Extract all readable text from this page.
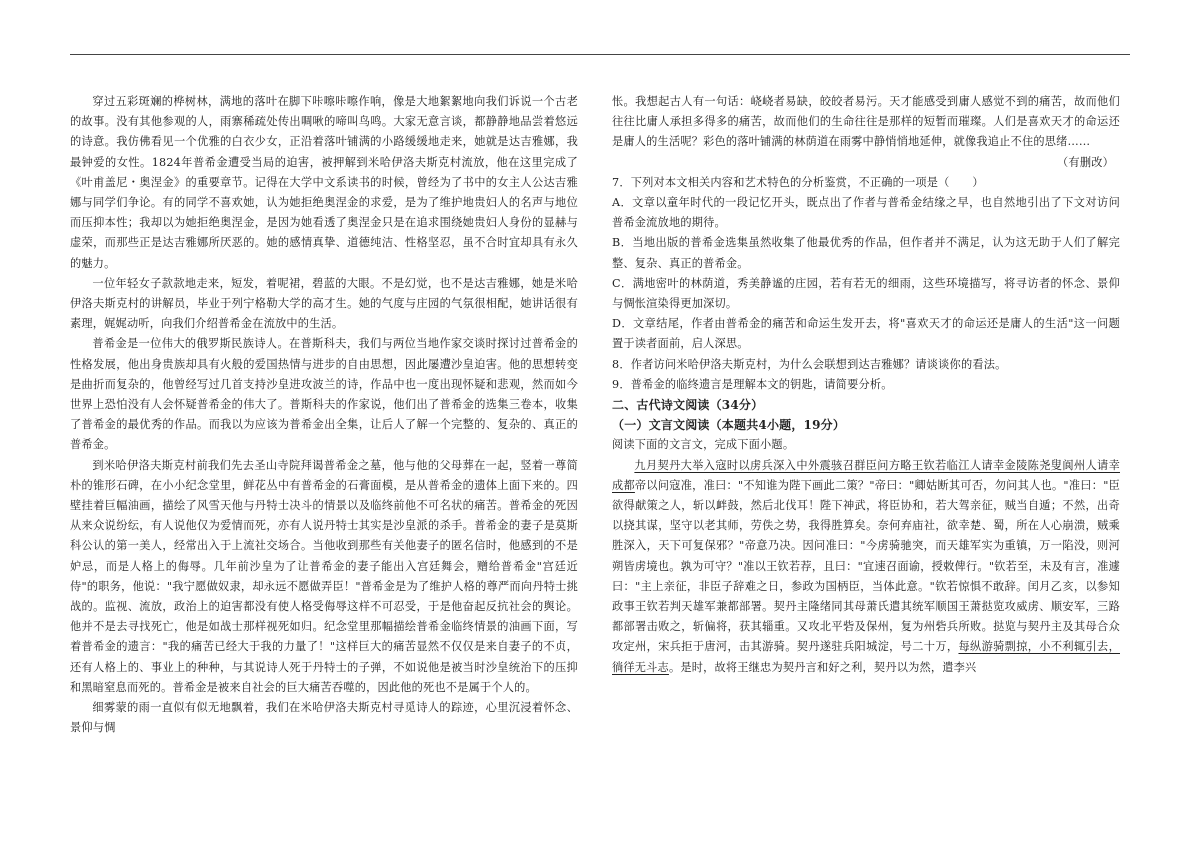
穿过五彩斑斓的桦树林，满地的落叶在脚下咔嚓咔嚓作响，像是大地絮絮地向我们诉说一个古老的故事。没有其他参观的人，雨寨稀疏处传出啁啾的啼叫鸟鸣。大家无意言谈，都静静地品尝着悠远的诗意。我仿佛看见一个优雅的白衣少女，正沿着落叶铺满的小路缓缓地走来，她就是达吉雅娜，我最钟爱的女性。1824年普希金遭受当局的迫害，被押解到米哈伊洛夫斯克村流放，他在这里完成了《叶甫盖尼・奥涅金》的重要章节。记得在大学中文系读书的时候，曾经为了书中的女主人公达吉雅娜与同学们争论。有的同学不喜欢她，认为她拒绝奥涅金的求爱，是为了维护地贵妇人的名声与地位而压抑本性；我却以为她拒绝奥涅金，是因为她看透了奥涅金只是在追求围绕她贵妇人身份的显赫与虚荣，而那些正是达吉雅娜所厌恶的。她的感情真挚、道德纯洁、性格坚忍，虽不合时宜却具有永久的魅力。

一位年轻女子款款地走来，短发，着呢裙，碧蓝的大眼。不是幻觉，也不是达吉雅娜，她是米哈伊洛夫斯克村的讲解员，毕业于列宁格勒大学的高才生。她的气度与庄园的气氛很相配，她讲话很有素理，娓娓动听，向我们介绍普希金在流放中的生活。

普希金是一位伟大的俄罗斯民族诗人。在普斯科夫，我们与两位当地作家交谈时探讨过普希金的性格发展，他出身贵族却具有火般的爱国热情与进步的自由思想，因此屡遭沙皇迫害。他的思想转变是曲折而复杂的，他曾经写过几首支持沙皇进攻波兰的诗，作品中也一度出现怀疑和悲观，然而如今世界上恐怕没有人会怀疑普希金的伟大了。普斯科夫的作家说，他们出了普希金的选集三卷本，收集了普希金的最优秀的作品。而我以为应该为普希金出全集，让后人了解一个完整的、复杂的、真正的普希金。

到米哈伊洛夫斯克村前我们先去圣山寺院拜谒普希金之墓，他与他的父母葬在一起，竖着一尊简朴的锥形石碑，在小小纪念堂里，鲜花丛中有普希金的石膏面模，是从普希金的遗体上面下来的。四壁挂着巨幅油画，描绘了风雪天他与丹特士决斗的情景以及临终前他不可名状的痛苦。普希金的死因从来众说纷纭，有人说他仅为爱情而死，亦有人说丹特士其实是沙皇派的杀手。普希金的妻子是莫斯科公认的第一美人，经常出入于上流社交场合。当他收到那些有关他妻子的匿名信时，他感到的不是妒忌，而是人格上的侮辱。几年前沙皇为了让普希金的妻子能出入宫廷舞会，赠给普希金"宫廷近侍"的职务，他说："我宁愿做奴隶，却永远不愿做弄臣！"普希金是为了维护人格的尊严而向丹特士挑战的。监视、流放，政治上的迫害都没有使人格受侮辱这样不可忍受，于是他奋起反抗社会的舆论。他并不是去寻找死亡，他是如战士那样视死如归。纪念堂里那幅描绘普希金临终情景的油画下面，写着普希金的遗言："我的痛苦已经大于我的力量了！"这样巨大的痛苦显然不仅仅是来自妻子的不贞，还有人格上的、事业上的种种，与其说诗人死于丹特士的子弹，不如说他是被当时沙皇统治下的压抑和黑暗窒息而死的。普希金是被来自社会的巨大痛苦吞噬的，因此他的死也不是属于个人的。

细雾蒙的雨一直似有似无地飘着，我们在米哈伊洛夫斯克村寻觅诗人的踪迹，心里沉浸着怀念、景仰与惆

怅。我想起古人有一句话：峣峣者易缺，皎皎者易污。天才能感受到庸人感觉不到的痛苦，故而他们往往比庸人承担多得多的痛苦，故而他们的生命往往是那样的短暂而璀璨。人们是喜欢天才的命运还是庸人的生活呢？彩色的落叶铺满的林荫道在雨雾中静悄悄地延伸，就像我追止不住的思绪……

（有删改）

7．下列对本文相关内容和艺术特色的分析鉴赏，不正确的一项是（　　）

A．文章以童年时代的一段记忆开头，既点出了作者与普希金结缘之早，也自然地引出了下文对访问普希金流放地的期待。

B．当地出版的普希金选集虽然收集了他最优秀的作品，但作者并不满足，认为这无助于人们了解完整、复杂、真正的普希金。

C．满地密叶的林荫道，秀美静谧的庄园，若有若无的细雨，这些环境描写，将寻访者的怀念、景仰与惆怅渲染得更加深切。

D．文章结尾，作者由普希金的痛苦和命运生发开去，将"喜欢天才的命运还是庸人的生活"这一问题置于读者面前，启人深思。

8．作者访问米哈伊洛夫斯克村，为什么会联想到达吉雅娜？请谈谈你的看法。

9．普希金的临终遗言是理解本文的钥匙，请简要分析。

二、古代诗文阅读（34分）

（一）文言文阅读（本题共4小题，19分）

阅读下面的文言文，完成下面小题。

九月契丹大举入寇时以虏兵深入中外震骇召群臣问方略王钦若临江人请幸金陵陈尧叟阆州人请幸成都帝以问寇准，准曰："不知谁为陛下画此二策？"帝曰："卿姑断其可否，勿问其人也。"准曰："臣欲得献策之人，斩以衅鼓，然后北伐耳！陛下神武，将臣协和，若大驾亲征，贼当自遁；不然，出奇以挠其谋，坚守以老其师，劳佚之势，我得胜算矣。奈何弃庙社，欲幸楚、蜀，所在人心崩溃，贼乘胜深入，天下可复保邪？"帝意乃决。因问准曰："今虏骑驰突，而天雄军实为重镇，万一陷没，则河朔皆虏境也。孰为可守？"准以王钦若荐，且曰："宜速召面谕，授敕俾行。"钦若至，未及有言，准遽曰："主上亲征，非臣子辞难之日，参政为国柄臣，当体此意。"钦若惊惧不敢辞。闰月乙亥，以参知政事王钦若判天雄军兼都部署。契丹主隆绪同其母萧氏遣其统军顺国王萧挞览攻威虏、顺安军，三路都部署击败之，斩偏将，获其辎重。又攻北平砦及保州，复为州砦兵所败。挞览与契丹主及其母合众攻定州，宋兵拒于唐河，击其游骑。契丹遂驻兵阳城淀，号二十万，每纵游骑剽掠，小不利辄引去，徜徉无斗志。是时，故将王继忠为契丹言和好之利，契丹以为然，遣李兴
